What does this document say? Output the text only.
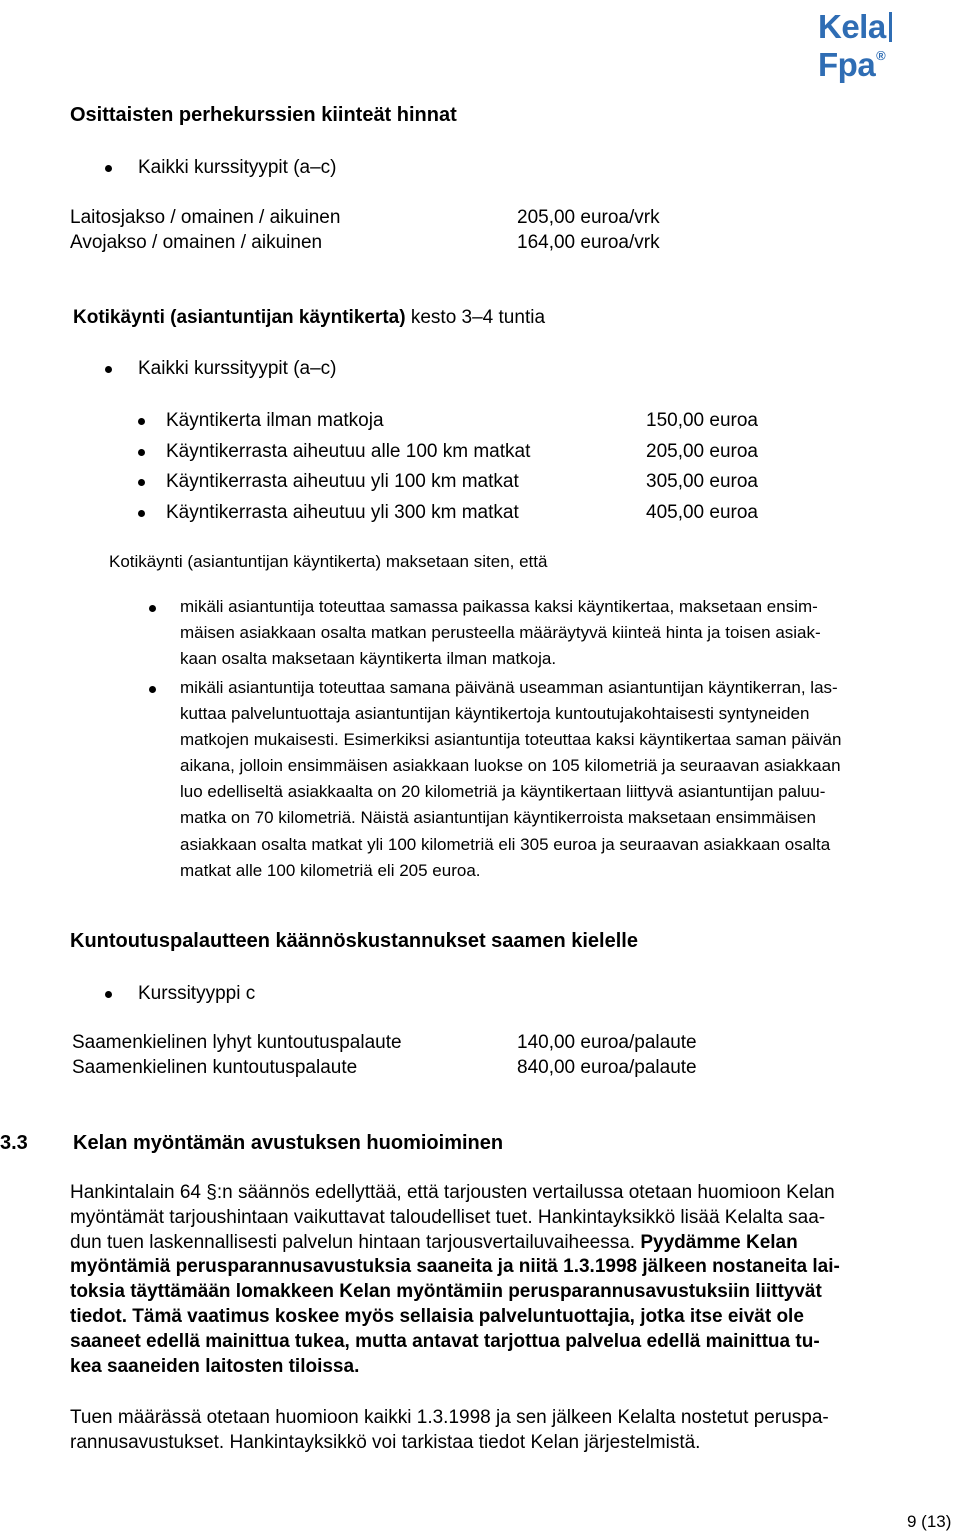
KelaFpa®
Osittaisten perhekurssien kiinteät hinnat
Kaikki kurssityypit (a–c)
Laitosjakso / omainen / aikuinen	205,00 euroa/vrk
Avojakso / omainen / aikuinen	164,00 euroa/vrk
Kotikäynti (asiantuntijan käyntikerta) kesto 3–4 tuntia
Kaikki kurssityypit (a–c)
Käyntikerta ilman matkoja	150,00 euroa
Käyntikerrasta aiheutuu alle 100 km matkat	205,00 euroa
Käyntikerrasta aiheutuu yli 100 km matkat	305,00 euroa
Käyntikerrasta aiheutuu yli 300 km matkat	405,00 euroa
Kotikäynti (asiantuntijan käyntikerta) maksetaan siten, että
mikäli asiantuntija toteuttaa samassa paikassa kaksi käyntikertaa, maksetaan ensim-
mäisen asiakkaan osalta matkan perusteella määräytyvä kiinteä hinta ja toisen asiak-
kaan osalta maksetaan käyntikerta ilman matkoja.
mikäli asiantuntija toteuttaa samana päivänä useamman asiantuntijan käyntikerran, las-
kuttaa palveluntuottaja asiantuntijan käyntikertoja kuntoutujakohtaisesti syntyneiden
matkojen mukaisesti. Esimerkiksi asiantuntija toteuttaa kaksi käyntikertaa saman päivän
aikana, jolloin ensimmäisen asiakkaan luokse on 105 kilometriä ja seuraavan asiakkaan
luo edelliseltä asiakkaalta on 20 kilometriä ja käyntikertaan liittyvä asiantuntijan paluu-
matka on 70 kilometriä. Näistä asiantuntijan käyntikerroista maksetaan ensimmäisen
asiakkaan osalta matkat yli 100 kilometriä eli 305 euroa ja seuraavan asiakkaan osalta
matkat alle 100 kilometriä eli 205 euroa.
Kuntoutuspalautteen käännöskustannukset saamen kielelle
Kurssityyppi c
Saamenkielinen lyhyt kuntoutuspalaute	140,00 euroa/palaute
Saamenkielinen kuntoutuspalaute	840,00 euroa/palaute
3.3 Kelan myöntämän avustuksen huomioiminen
Hankintalain 64 §:n säännös edellyttää, että tarjousten vertailussa otetaan huomioon Kelan
myöntämät tarjoushintaan vaikuttavat taloudelliset tuet. Hankintayksikkö lisää Kelalta saa-
dun tuen laskennallisesti palvelun hintaan tarjousvertailuvaiheessa. Pyydämme Kelan
myöntämiä perusparannusavustuksia saaneita ja niitä 1.3.1998 jälkeen nostaneita lai-
toksia täyttämään lomakkeen Kelan myöntämiin perusparannusavustuksiin liittyvät
tiedot. Tämä vaatimus koskee myös sellaisia palveluntuottajia, jotka itse eivät ole
saaneet edellä mainittua tukea, mutta antavat tarjottua palvelua edellä mainittua tu-
kea saaneiden laitosten tiloissa.
Tuen määrässä otetaan huomioon kaikki 1.3.1998 ja sen jälkeen Kelalta nostetut peruspa-
rannusavustukset. Hankintayksikkö voi tarkistaa tiedot Kelan järjestelmistä.
9 (13)
